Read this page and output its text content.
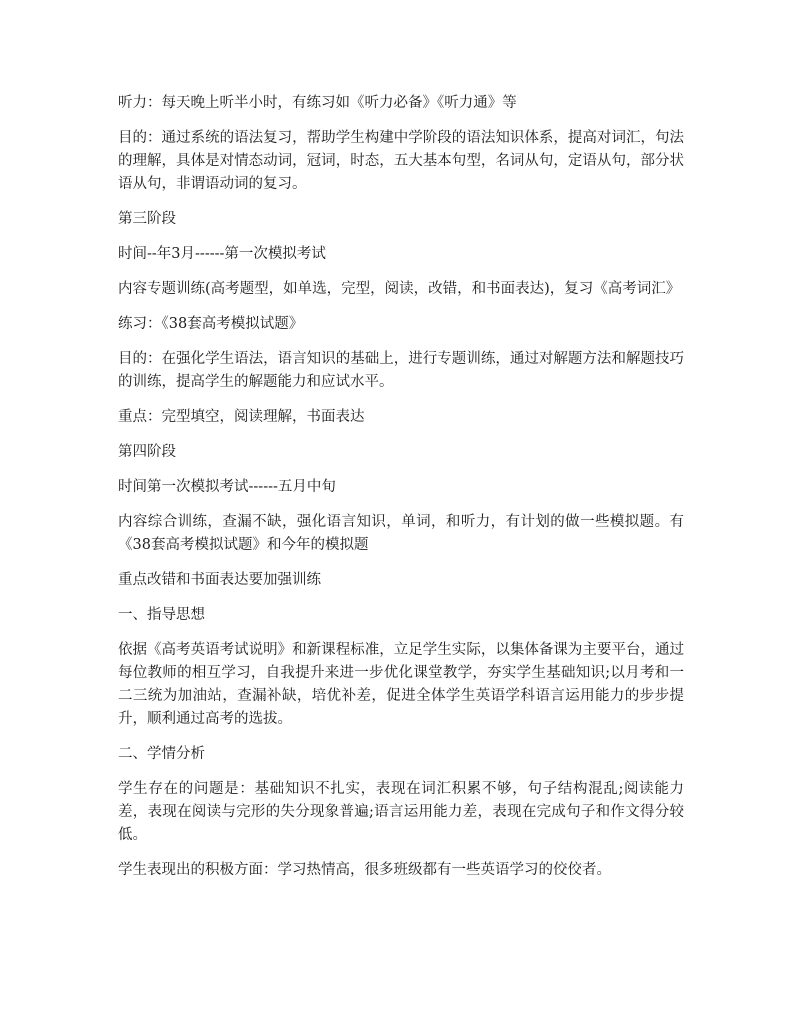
听力：每天晚上听半小时，有练习如《听力必备》《听力通》等

目的：通过系统的语法复习，帮助学生构建中学阶段的语法知识体系，提高对词汇，句法的理解，具体是对情态动词，冠词，时态，五大基本句型，名词从句，定语从句，部分状语从句，非谓语动词的复习。

第三阶段

时间--年3月------第一次模拟考试

内容专题训练(高考题型，如单选，完型，阅读，改错，和书面表达)，复习《高考词汇》

练习：《38套高考模拟试题》

目的：在强化学生语法，语言知识的基础上，进行专题训练，通过对解题方法和解题技巧的训练，提高学生的解题能力和应试水平。

重点：完型填空，阅读理解，书面表达

第四阶段

时间第一次模拟考试------五月中旬

内容综合训练，查漏不缺，强化语言知识，单词，和听力，有计划的做一些模拟题。有《38套高考模拟试题》和今年的模拟题

重点改错和书面表达要加强训练

一、指导思想

依据《高考英语考试说明》和新课程标准，立足学生实际，以集体备课为主要平台，通过每位教师的相互学习，自我提升来进一步优化课堂教学，夯实学生基础知识;以月考和一二三统为加油站，查漏补缺，培优补差，促进全体学生英语学科语言运用能力的步步提升，顺利通过高考的选拔。

二、学情分析

学生存在的问题是：基础知识不扎实，表现在词汇积累不够，句子结构混乱;阅读能力差，表现在阅读与完形的失分现象普遍;语言运用能力差，表现在完成句子和作文得分较低。

学生表现出的积极方面：学习热情高，很多班级都有一些英语学习的佼佼者。
